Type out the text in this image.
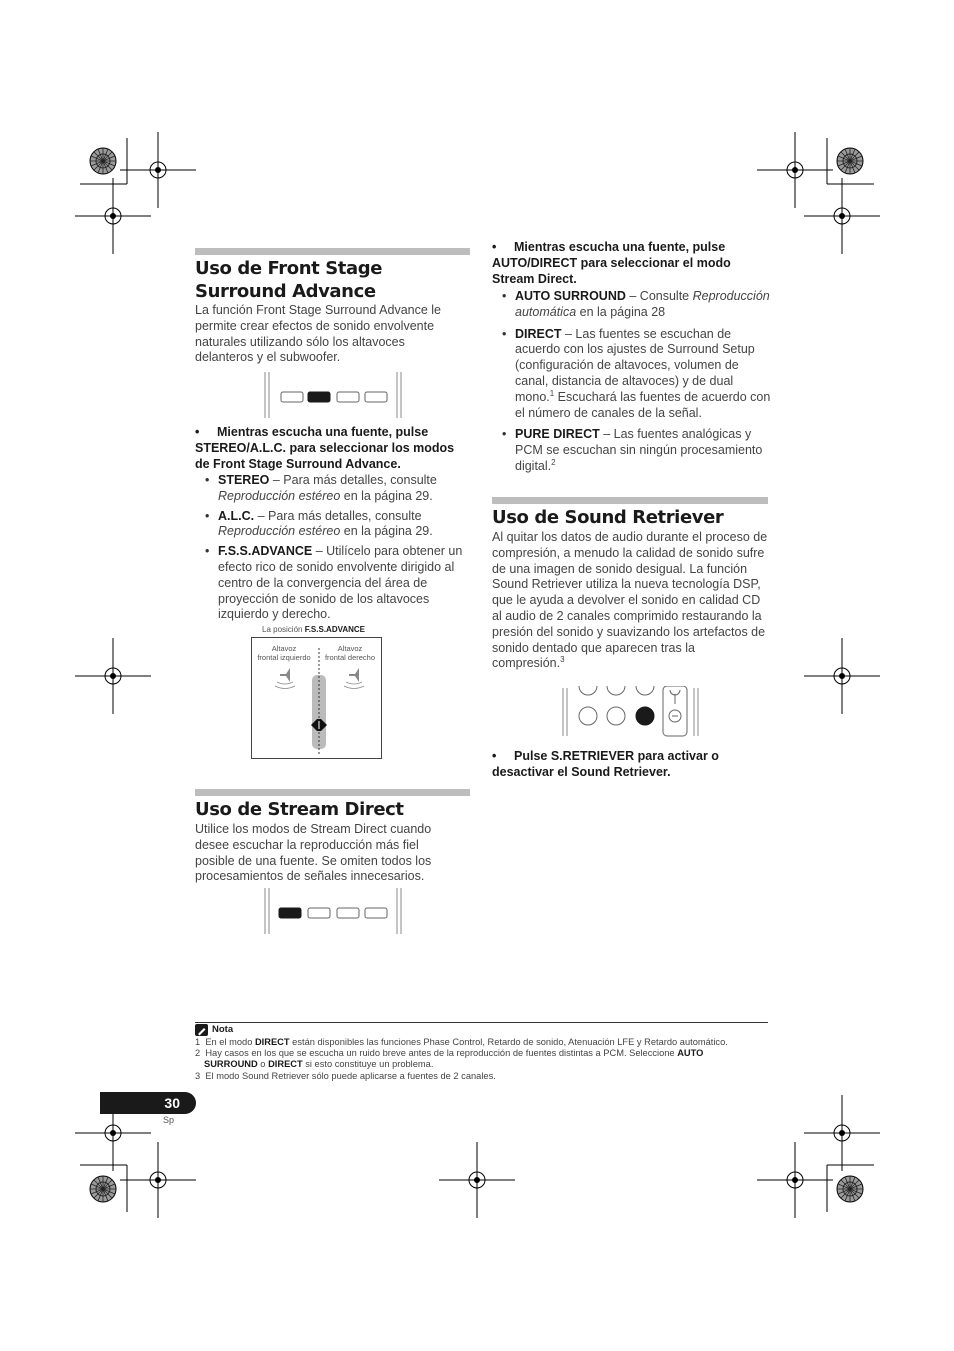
Uso de Front Stage Surround Advance
La función Front Stage Surround Advance le permite crear efectos de sonido envolvente naturales utilizando sólo los altavoces delanteros y el subwoofer.
• Mientras escucha una fuente, pulse STEREO/A.L.C. para seleccionar los modos de Front Stage Surround Advance.
• STEREO – Para más detalles, consulte Reproducción estéreo en la página 29.
• A.L.C. – Para más detalles, consulte Reproducción estéreo en la página 29.
• F.S.S.ADVANCE – Utilícelo para obtener un efecto rico de sonido envolvente dirigido al centro de la convergencia del área de proyección de sonido de los altavoces izquierdo y derecho.
La posición F.S.S.ADVANCE
Altavoz
frontal izquierdo
Altavoz
frontal derecho
Uso de Stream Direct
Utilice los modos de Stream Direct cuando desee escuchar la reproducción más fiel posible de una fuente. Se omiten todos los procesamientos de señales innecesarios.
• Mientras escucha una fuente, pulse AUTO/DIRECT para seleccionar el modo Stream Direct.
• AUTO SURROUND – Consulte Reproducción automática en la página 28
• DIRECT – Las fuentes se escuchan de acuerdo con los ajustes de Surround Setup (configuración de altavoces, volumen de canal, distancia de altavoces) y de dual mono.$^1$ Escuchará las fuentes de acuerdo con el número de canales de la señal.
• PURE DIRECT – Las fuentes analógicas y PCM se escuchan sin ningún procesamiento digital.$^2$
Uso de Sound Retriever
Al quitar los datos de audio durante el proceso de compresión, a menudo la calidad de sonido sufre de una imagen de sonido desigual. La función Sound Retriever utiliza la nueva tecnología DSP, que le ayuda a devolver el sonido en calidad CD al audio de 2 canales comprimido restaurando la presión del sonido y suavizando los artefactos de sonido dentado que aparecen tras la compresión.$^3$
• Pulse S.RETRIEVER para activar o desactivar el Sound Retriever.
Nota
1 En el modo DIRECT están disponibles las funciones Phase Control, Retardo de sonido, Atenuación LFE y Retardo automático.
2 Hay casos en los que se escucha un ruido breve antes de la reproducción de fuentes distintas a PCM. Seleccione AUTO
SURROUND o DIRECT si esto constituye un problema.
3 El modo Sound Retriever sólo puede aplicarse a fuentes de 2 canales.
30
Sp
